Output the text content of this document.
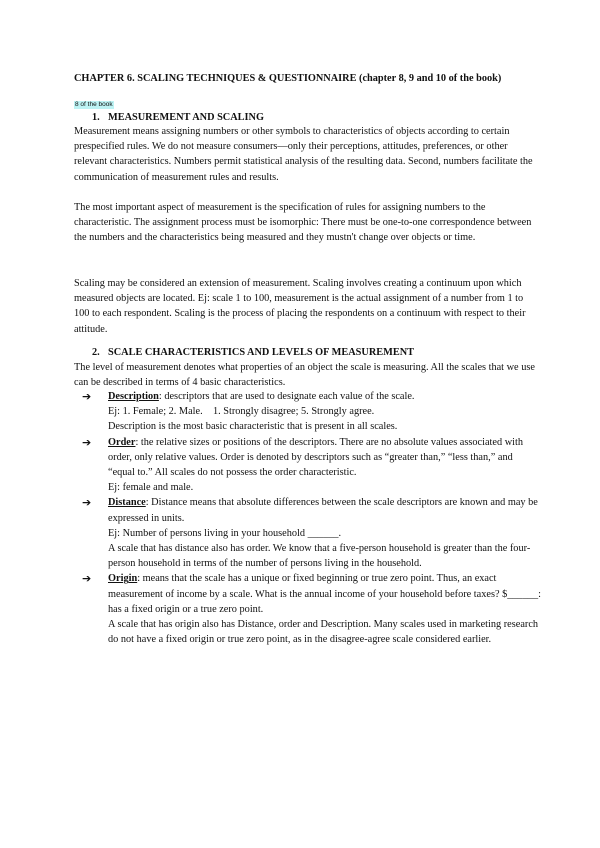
CHAPTER 6. SCALING TECHNIQUES & QUESTIONNAIRE (chapter 8, 9 and 10 of the book)

8 of the book

1. MEASUREMENT AND SCALING

Measurement means assigning numbers or other symbols to characteristics of objects according to certain prespecified rules. We do not measure consumers—only their perceptions, attitudes, preferences, or other relevant characteristics. Numbers permit statistical analysis of the resulting data. Second, numbers facilitate the communication of measurement rules and results.

The most important aspect of measurement is the specification of rules for assigning numbers to the characteristic. The assignment process must be isomorphic: There must be one-to-one correspondence between the numbers and the characteristics being measured and they mustn't change over objects or time.

Scaling may be considered an extension of measurement. Scaling involves creating a continuum upon which measured objects are located. Ej: scale 1 to 100, measurement is the actual assignment of a number from 1 to 100 to each respondent. Scaling is the process of placing the respondents on a continuum with respect to their attitude.

2. SCALE CHARACTERISTICS AND LEVELS OF MEASUREMENT

The level of measurement denotes what properties of an object the scale is measuring. All the scales that we use can be described in terms of 4 basic characteristics.

➔ Description: descriptors that are used to designate each value of the scale.

Ej: 1. Female; 2. Male.    1. Strongly disagree; 5. Strongly agree.

Description is the most basic characteristic that is present in all scales.

➔ Order: the relative sizes or positions of the descriptors. There are no absolute values associated with order, only relative values. Order is denoted by descriptors such as “greater than,” “less than,” and “equal to.” All scales do not possess the order characteristic.

Ej: female and male.

➔ Distance: Distance means that absolute differences between the scale descriptors are known and may be expressed in units.

Ej: Number of persons living in your household ______.

A scale that has distance also has order. We know that a five-person household is greater than the four-person household in terms of the number of persons living in the household.

➔ Origin: means that the scale has a unique or fixed beginning or true zero point. Thus, an exact measurement of income by a scale. What is the annual income of your household before taxes? $______: has a fixed origin or a true zero point.

A scale that has origin also has Distance, order and Description. Many scales used in marketing research do not have a fixed origin or true zero point, as in the disagree-agree scale considered earlier.
